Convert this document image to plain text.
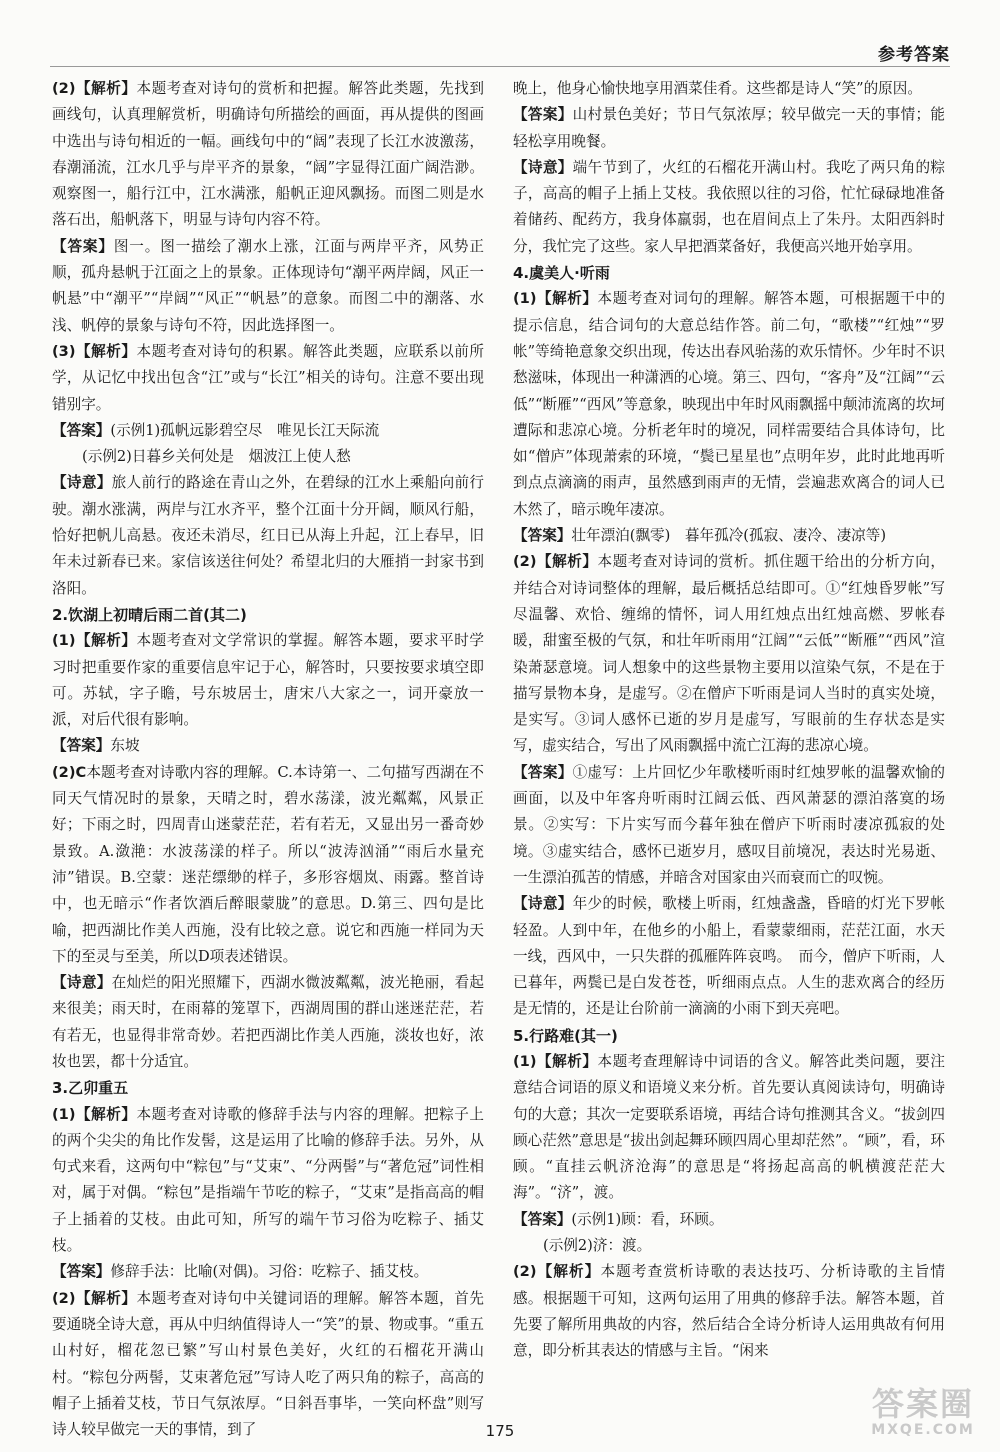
参考答案

(2)【解析】本题考查对诗句的赏析和把握。解答此类题，先找到画线句，认真理解赏析，明确诗句所描绘的画面，再从提供的图画中选出与诗句相近的一幅。画线句中的“阔”表现了长江水波激荡，春潮涌流，江水几乎与岸平齐的景象，“阔”字显得江面广阔浩渺。观察图一，船行江中，江水满涨，船帆正迎风飘扬。而图二则是水落石出，船帆落下，明显与诗句内容不符。

【答案】图一。图一描绘了潮水上涨，江面与两岸平齐，风势正顺，孤舟悬帆于江面之上的景象。正体现诗句“潮平两岸阔，风正一帆悬”中“潮平”“岸阔”“风正”“帆悬”的意象。而图二中的潮落、水浅、帆停的景象与诗句不符，因此选择图一。

(3)【解析】本题考查对诗句的积累。解答此类题，应联系以前所学，从记忆中找出包含“江”或与“长江”相关的诗句。注意不要出现错别字。

【答案】(示例1)孤帆远影碧空尽　唯见长江天际流

(示例2)日暮乡关何处是　烟波江上使人愁

【诗意】旅人前行的路途在青山之外，在碧绿的江水上乘船向前行驶。潮水涨满，两岸与江水齐平，整个江面十分开阔，顺风行船，恰好把帆儿高悬。夜还未消尽，红日已从海上升起，江上春早，旧年未过新春已来。家信该送往何处？希望北归的大雁捎一封家书到洛阳。

2.饮湖上初晴后雨二首(其二)

(1)【解析】本题考查对文学常识的掌握。解答本题，要求平时学习时把重要作家的重要信息牢记于心，解答时，只要按要求填空即可。苏轼，字子瞻，号东坡居士，唐宋八大家之一，词开豪放一派，对后代很有影响。

【答案】东坡

(2)C本题考查对诗歌内容的理解。C.本诗第一、二句描写西湖在不同天气情况时的景象，天晴之时，碧水荡漾，波光粼粼，风景正好；下雨之时，四周青山迷蒙茫茫，若有若无，又显出另一番奇妙景致。A.潋滟：水波荡漾的样子。所以“波涛汹涌”“雨后水量充沛”错误。B.空蒙：迷茫缥缈的样子，多形容烟岚、雨露。整首诗中，也无暗示“作者饮酒后醉眼蒙胧”的意思。D.第三、四句是比喻，把西湖比作美人西施，没有比较之意。说它和西施一样同为天下的至灵与至美，所以D项表述错误。

【诗意】在灿烂的阳光照耀下，西湖水微波粼粼，波光艳丽，看起来很美；雨天时，在雨幕的笼罩下，西湖周围的群山迷迷茫茫，若有若无，也显得非常奇妙。若把西湖比作美人西施，淡妆也好，浓妆也罢，都十分适宜。

3.乙卯重五

(1)【解析】本题考查对诗歌的修辞手法与内容的理解。把粽子上的两个尖尖的角比作发髻，这是运用了比喻的修辞手法。另外，从句式来看，这两句中“粽包”与“艾束”、“分两髻”与“著危冠”词性相对，属于对偶。“粽包”是指端午节吃的粽子，“艾束”是指高高的帽子上插着的艾枝。由此可知，所写的端午节习俗为吃粽子、插艾枝。

【答案】修辞手法：比喻(对偶)。习俗：吃粽子、插艾枝。

(2)【解析】本题考查对诗句中关键词语的理解。解答本题，首先要通晓全诗大意，再从中归纳值得诗人一“笑”的景、物或事。“重五山村好，榴花忽已繁”写山村景色美好，火红的石榴花开满山村。“粽包分两髻，艾束著危冠”写诗人吃了两只角的粽子，高高的帽子上插着艾枝，节日气氛浓厚。“日斜吾事毕，一笑向杯盘”则写诗人较早做完一天的事情，到了

晚上，他身心愉快地享用酒菜佳肴。这些都是诗人“笑”的原因。

【答案】山村景色美好；节日气氛浓厚；较早做完一天的事情；能轻松享用晚餐。

【诗意】端午节到了，火红的石榴花开满山村。我吃了两只角的粽子，高高的帽子上插上艾枝。我依照以往的习俗，忙忙碌碌地准备着储药、配药方，我身体羸弱，也在眉间点上了朱丹。太阳西斜时分，我忙完了这些。家人早把酒菜备好，我便高兴地开始享用。

4.虞美人·听雨

(1)【解析】本题考查对词句的理解。解答本题，可根据题干中的提示信息，结合词句的大意总结作答。前二句，“歌楼”“红烛”“罗帐”等绮艳意象交织出现，传达出春风骀荡的欢乐情怀。少年时不识愁滋味，体现出一种潇洒的心境。第三、四句，“客舟”及“江阔”“云低”“断雁”“西风”等意象，映现出中年时风雨飘摇中颠沛流离的坎坷遭际和悲凉心境。分析老年时的境况，同样需要结合具体诗句，比如“僧庐”体现萧索的环境，“鬓已星星也”点明年岁，此时此地再听到点点滴滴的雨声，虽然感到雨声的无情，尝遍悲欢离合的词人已木然了，暗示晚年凄凉。

【答案】壮年漂泊(飘零)　暮年孤冷(孤寂、凄冷、凄凉等)

(2)【解析】本题考查对诗词的赏析。抓住题干给出的分析方向，并结合对诗词整体的理解，最后概括总结即可。①“红烛昏罗帐”写尽温馨、欢恰、缠绵的情怀，词人用红烛点出红烛高燃、罗帐春暖，甜蜜至极的气氛，和壮年听雨用“江阔”“云低”“断雁”“西风”渲染萧瑟意境。词人想象中的这些景物主要用以渲染气氛，不是在于描写景物本身，是虚写。②在僧庐下听雨是词人当时的真实处境，是实写。③词人感怀已逝的岁月是虚写，写眼前的生存状态是实写，虚实结合，写出了风雨飘摇中流亡江海的悲凉心境。

【答案】①虚写：上片回忆少年歌楼听雨时红烛罗帐的温馨欢愉的画面，以及中年客舟听雨时江阔云低、西风萧瑟的漂泊落寞的场景。②实写：下片实写而今暮年独在僧庐下听雨时凄凉孤寂的处境。③虚实结合，感怀已逝岁月，感叹目前境况，表达时光易逝、一生漂泊孤苦的情感，并暗含对国家由兴而衰而亡的叹惋。

【诗意】年少的时候，歌楼上听雨，红烛盏盏，昏暗的灯光下罗帐轻盈。人到中年，在他乡的小船上，看蒙蒙细雨，茫茫江面，水天一线，西风中，一只失群的孤雁阵阵哀鸣。　而今，僧庐下听雨，人已暮年，两鬓已是白发苍苍，听细雨点点。人生的悲欢离合的经历是无情的，还是让台阶前一滴滴的小雨下到天亮吧。

5.行路难(其一)

(1)【解析】本题考查理解诗中词语的含义。解答此类问题，要注意结合词语的原义和语境义来分析。首先要认真阅读诗句，明确诗句的大意；其次一定要联系语境，再结合诗句推测其含义。“拔剑四顾心茫然”意思是“拔出剑起舞环顾四周心里却茫然”。“顾”，看，环顾。“直挂云帆济沧海”的意思是“将扬起高高的帆横渡茫茫大海”。“济”，渡。

【答案】(示例1)顾：看，环顾。

(示例2)济：渡。

(2)【解析】本题考查赏析诗歌的表达技巧、分析诗歌的主旨情感。根据题干可知，这两句运用了用典的修辞手法。解答本题，首先要了解所用典故的内容，然后结合全诗分析诗人运用典故有何用意，即分析其表达的情感与主旨。“闲来

175
答案圈
MXQE.COM
